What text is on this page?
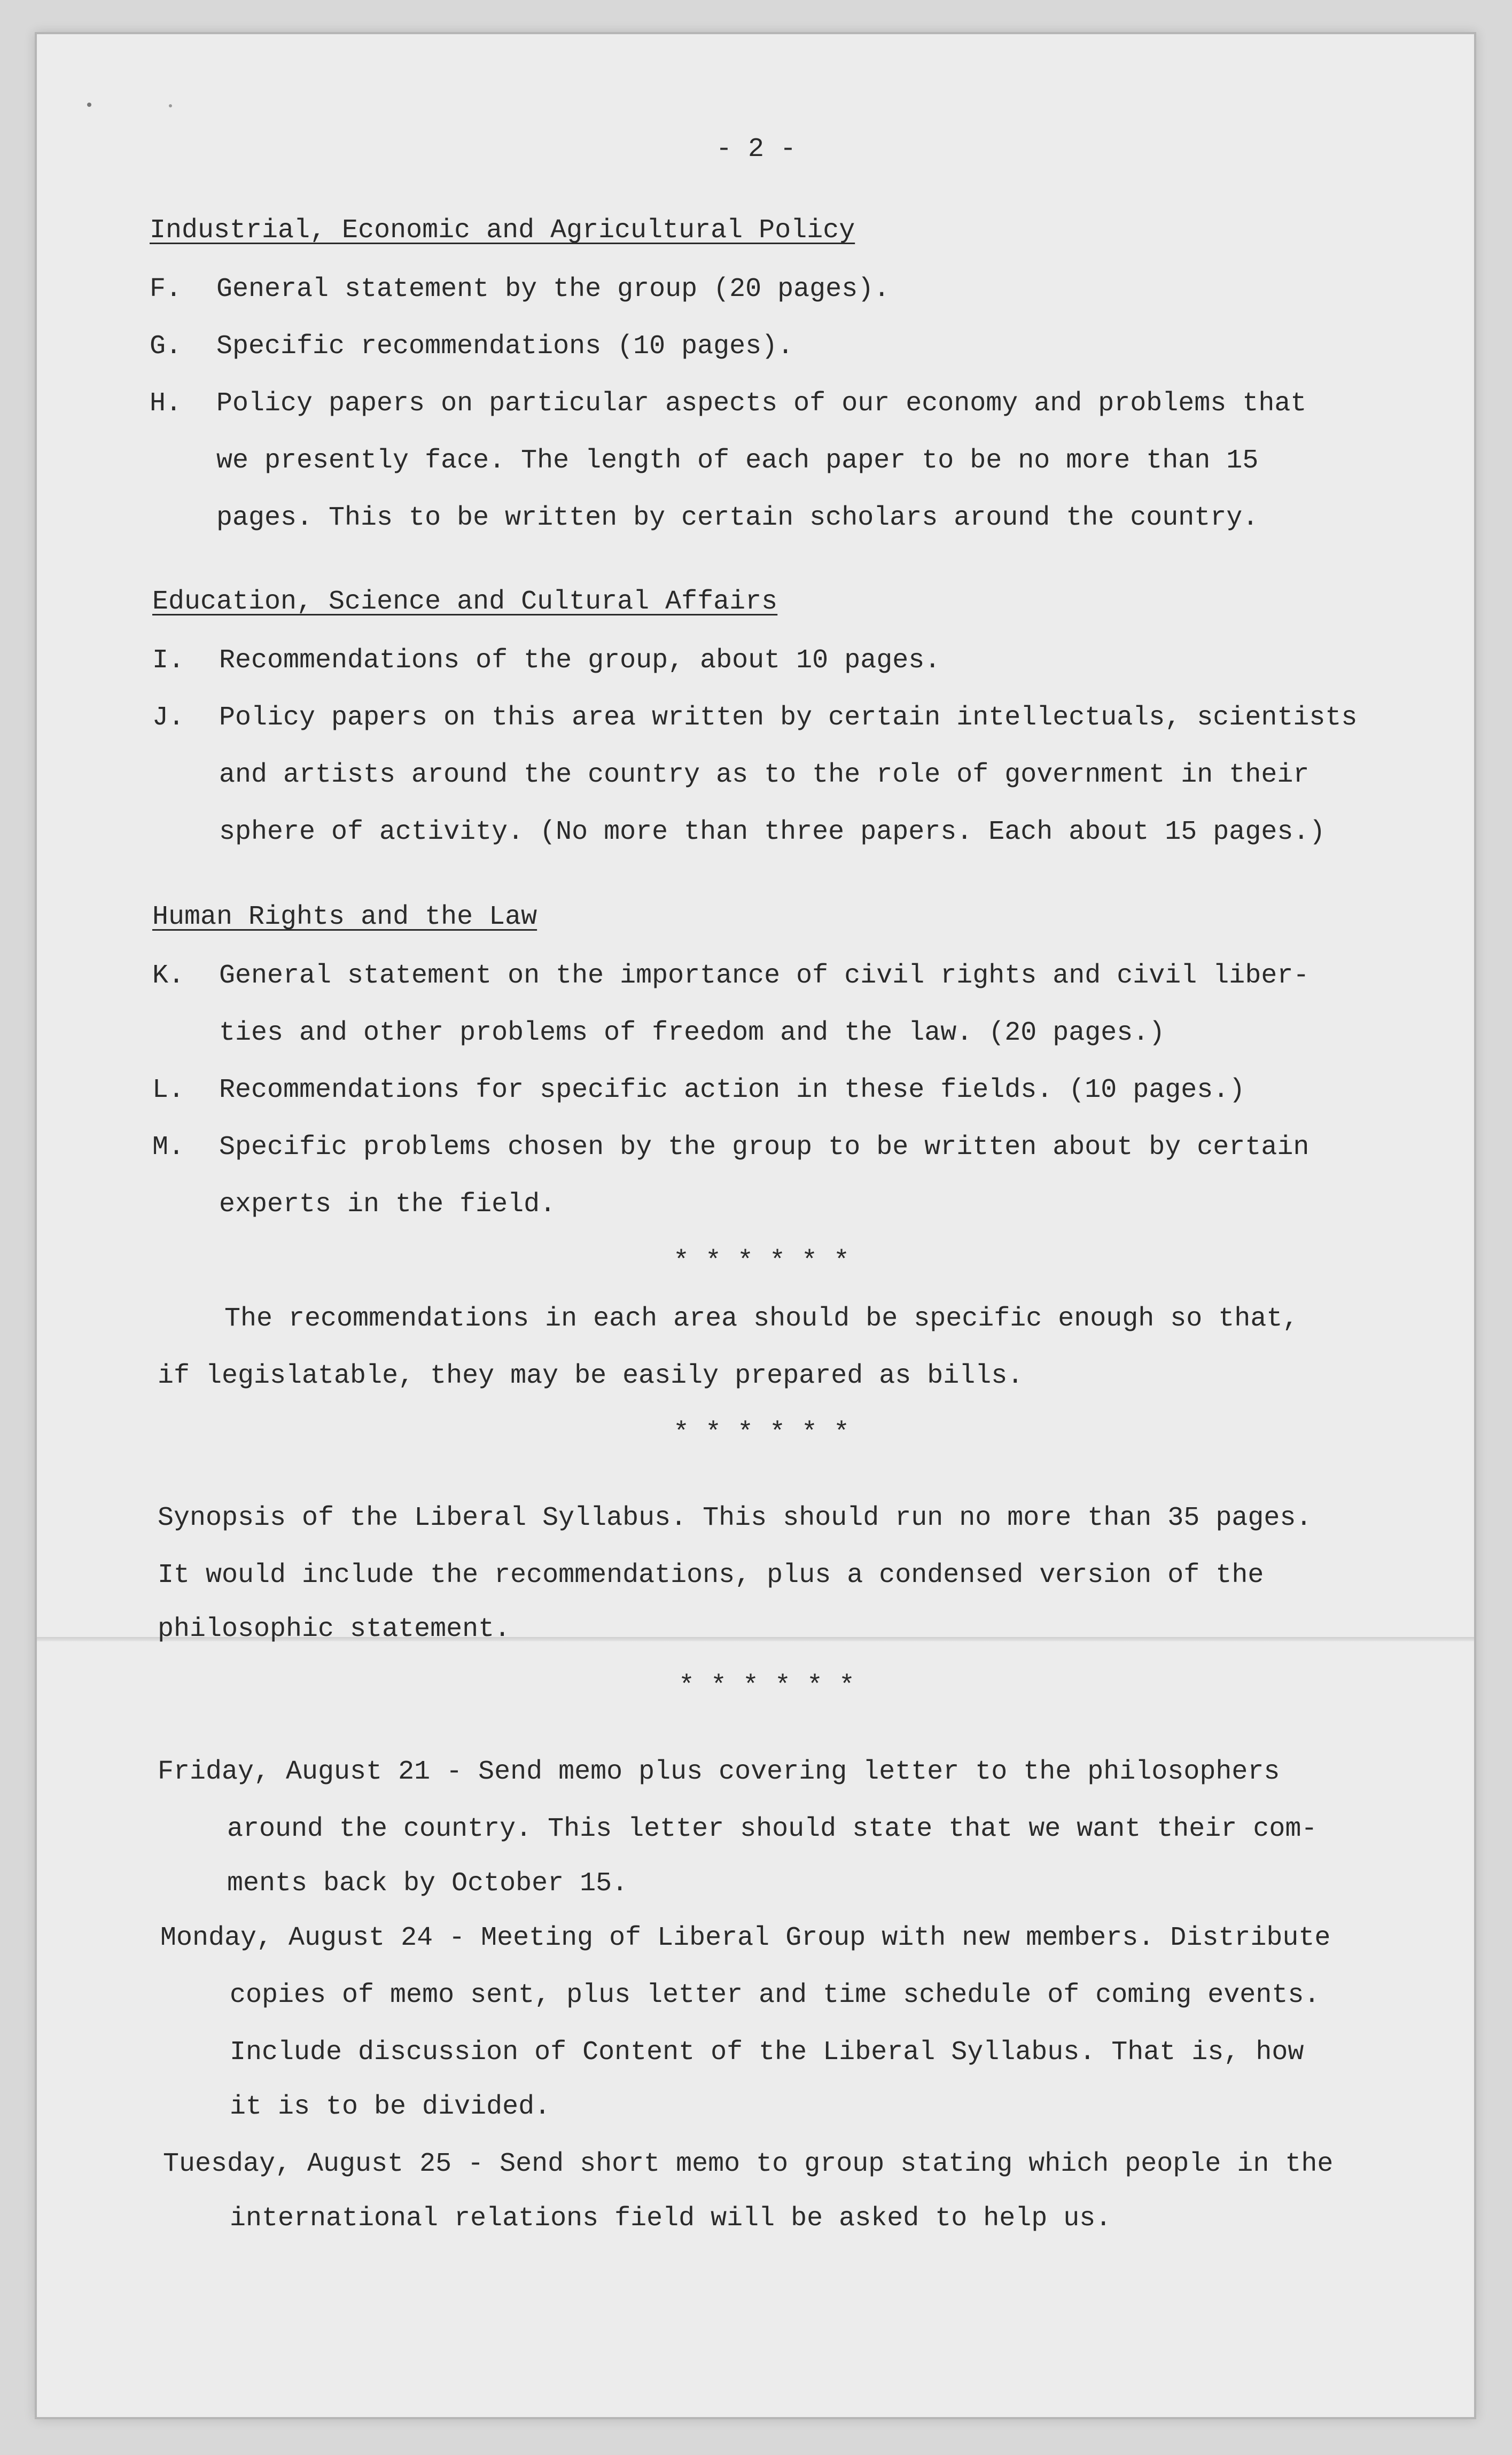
- 2 -
Industrial, Economic and Agricultural Policy
F.	General statement by the group (20 pages).
G.	Specific recommendations (10 pages).
H.	Policy papers on particular aspects of our economy and problems that
we presently face. The length of each paper to be no more than 15
pages. This to be written by certain scholars around the country.
Education, Science and Cultural Affairs
I.	Recommendations of the group, about 10 pages.
J.	Policy papers on this area written by certain intellectuals, scientists
and artists around the country as to the role of government in their
sphere of activity. (No more than three papers. Each about 15 pages.)
Human Rights and the Law
K.	General statement on the importance of civil rights and civil liber-
ties and other problems of freedom and the law. (20 pages.)
L.	Recommendations for specific action in these fields. (10 pages.)
M.	Specific problems chosen by the group to be written about by certain
experts in the field.
* * * * * *
The recommendations in each area should be specific enough so that,
if legislatable, they may be easily prepared as bills.
* * * * * *
Synopsis of the Liberal Syllabus. This should run no more than 35 pages.
It would include the recommendations, plus a condensed version of the
philosophic statement.
* * * * * *
Friday, August 21 - Send memo plus covering letter to the philosophers
around the country. This letter should state that we want their com-
ments back by October 15.
Monday, August 24 - Meeting of Liberal Group with new members. Distribute
copies of memo sent, plus letter and time schedule of coming events.
Include discussion of Content of the Liberal Syllabus. That is, how
it is to be divided.
Tuesday, August 25 - Send short memo to group stating which people in the
international relations field will be asked to help us.
